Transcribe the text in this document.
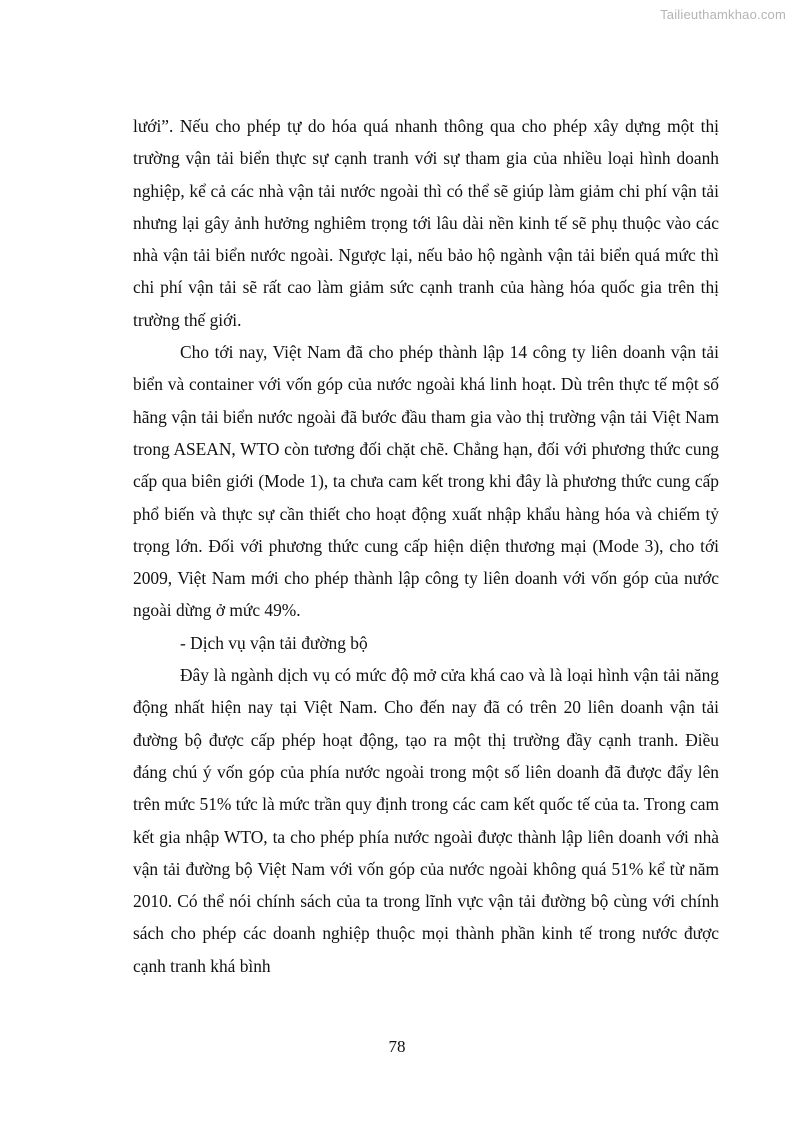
Tailieuthamkhao.com

lưới”. Nếu cho phép tự do hóa quá nhanh thông qua cho phép xây dựng một thị trường vận tải biển thực sự cạnh tranh với sự tham gia của nhiều loại hình doanh nghiệp, kể cả các nhà vận tải nước ngoài thì có thể sẽ giúp làm giảm chi phí vận tải nhưng lại gây ảnh hưởng nghiêm trọng tới lâu dài nền kinh tế sẽ phụ thuộc vào các nhà vận tải biển nước ngoài. Ngược lại, nếu bảo hộ ngành vận tải biển quá mức thì chi phí vận tải sẽ rất cao làm giảm sức cạnh tranh của hàng hóa quốc gia trên thị trường thế giới.

Cho tới nay, Việt Nam đã cho phép thành lập 14 công ty liên doanh vận tải biển và container với vốn góp của nước ngoài khá linh hoạt. Dù trên thực tế một số hãng vận tải biển nước ngoài đã bước đầu tham gia vào thị trường vận tải Việt Nam trong ASEAN, WTO còn tương đối chặt chẽ. Chẳng hạn, đối với phương thức cung cấp qua biên giới (Mode 1), ta chưa cam kết trong khi đây là phương thức cung cấp phổ biến và thực sự cần thiết cho hoạt động xuất nhập khẩu hàng hóa và chiếm tỷ trọng lớn. Đối với phương thức cung cấp hiện diện thương mại (Mode 3), cho tới 2009, Việt Nam mới cho phép thành lập công ty liên doanh với vốn góp của nước ngoài dừng ở mức 49%.

- Dịch vụ vận tải đường bộ

Đây là ngành dịch vụ có mức độ mở cửa khá cao và là loại hình vận tải năng động nhất hiện nay tại Việt Nam. Cho đến nay đã có trên 20 liên doanh vận tải đường bộ được cấp phép hoạt động, tạo ra một thị trường đầy cạnh tranh. Điều đáng chú ý vốn góp của phía nước ngoài trong một số liên doanh đã được đẩy lên trên mức 51% tức là mức trần quy định trong các cam kết quốc tế của ta. Trong cam kết gia nhập WTO, ta cho phép phía nước ngoài được thành lập liên doanh với nhà vận tải đường bộ Việt Nam với vốn góp của nước ngoài không quá 51% kể từ năm 2010. Có thể nói chính sách của ta trong lĩnh vực vận tải đường bộ cùng với chính sách cho phép các doanh nghiệp thuộc mọi thành phần kinh tế trong nước được cạnh tranh khá bình

78
